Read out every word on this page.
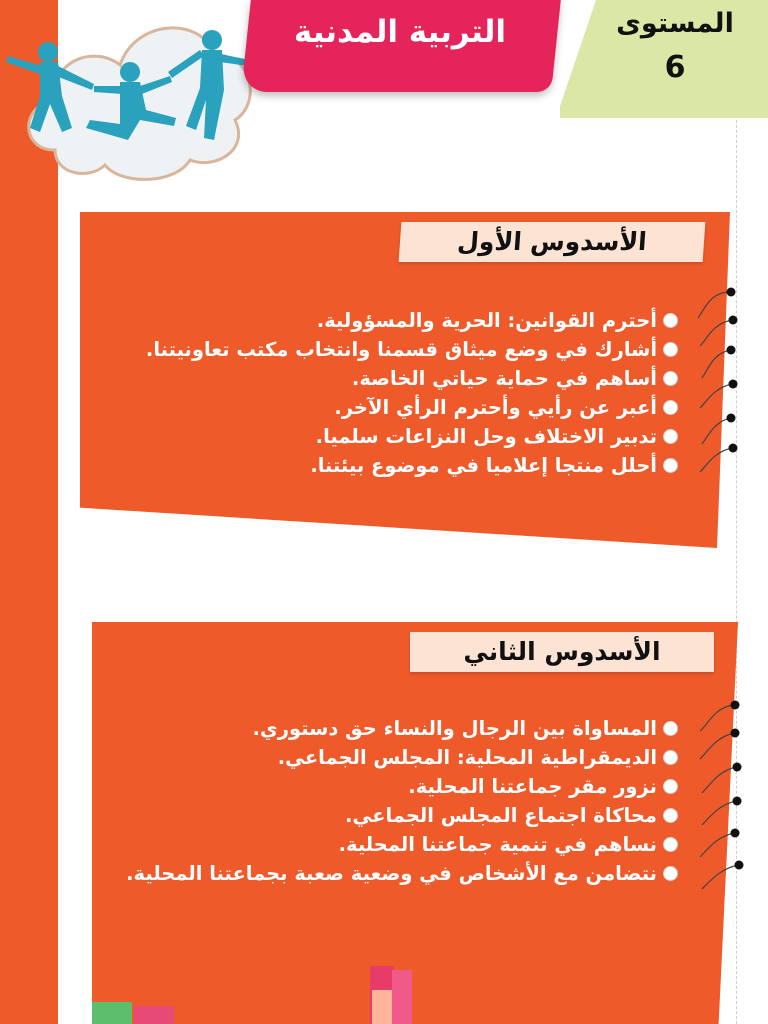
المستوى
6
التربية المدنية
الأسدوس الأول
أحترم القوانين: الحرية والمسؤولية.
أشارك في وضع ميثاق قسمنا وانتخاب مكتب تعاونيتنا.
أساهم في حماية حياتي الخاصة.
أعبر عن رأيي وأحترم الرأي الآخر.
تدبير الاختلاف وحل النزاعات سلميا.
أحلل منتجا إعلاميا في موضوع بيئتنا.
الأسدوس الثاني
المساواة بين الرجال والنساء حق دستوري.
الديمقراطية المحلية: المجلس الجماعي.
نزور مقر جماعتنا المحلية.
محاكاة اجتماع المجلس الجماعي.
نساهم في تنمية جماعتنا المحلية.
نتضامن مع الأشخاص في وضعية صعبة بجماعتنا المحلية.
